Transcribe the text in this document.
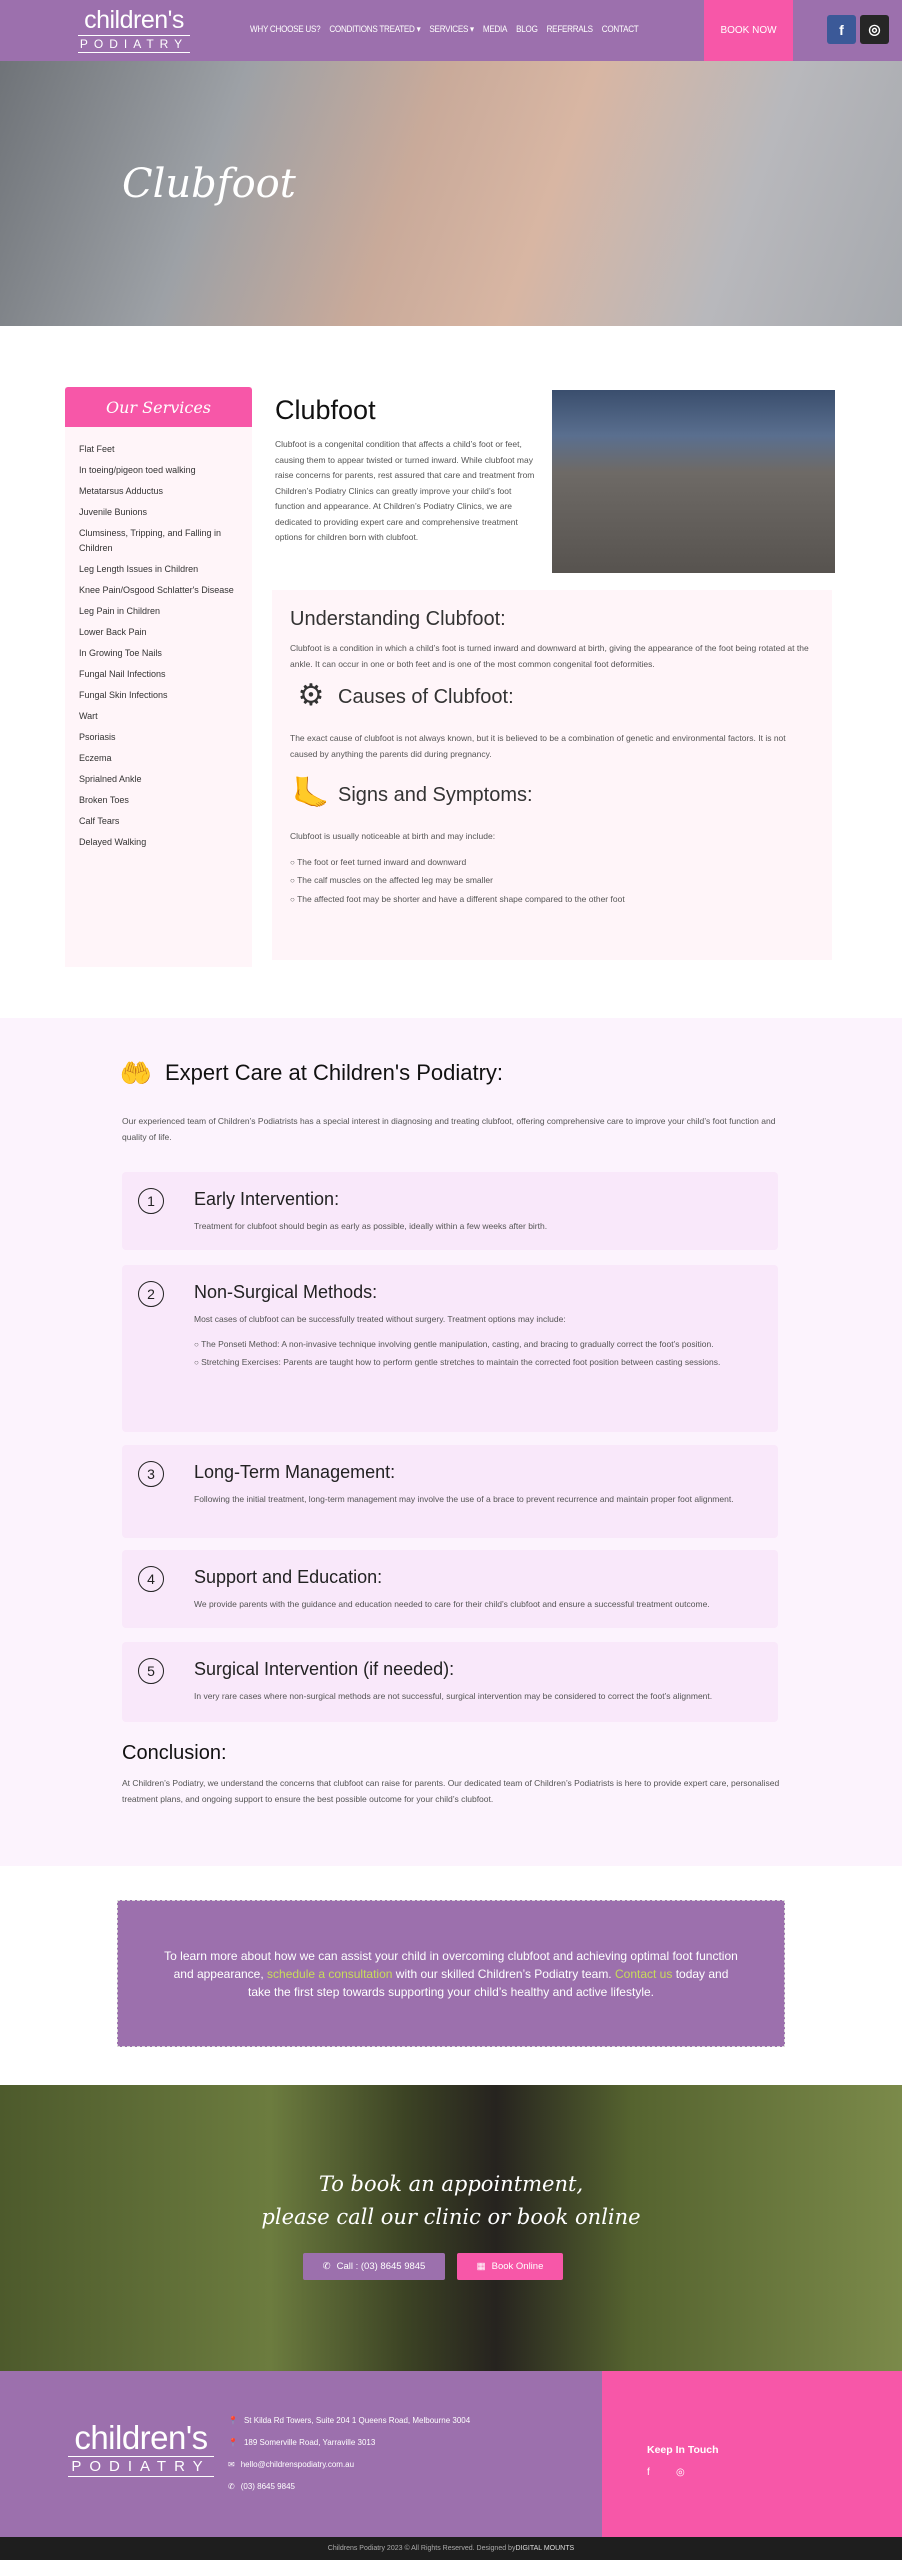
children's
PODIATRY
WHY CHOOSE US? CONDITIONS TREATED ▾ SERVICES ▾ MEDIA BLOG REFERRALS CONTACT	BOOK NOW	f	◎
Clubfoot
Our Services
Flat Feet
In toeing/pigeon toed walking
Metatarsus Adductus
Juvenile Bunions
Clumsiness, Tripping, and Falling in Children
Leg Length Issues in Children
Knee Pain/Osgood Schlatter's Disease
Leg Pain in Children
Lower Back Pain
In Growing Toe Nails
Fungal Nail Infections
Fungal Skin Infections
Wart
Psoriasis
Eczema
Sprialned Ankle
Broken Toes
Calf Tears
Delayed Walking
Clubfoot

Clubfoot is a congenital condition that affects a child’s foot or feet, causing them to appear twisted or turned inward. While clubfoot may raise concerns for parents, rest assured that care and treatment from Children’s Podiatry Clinics can greatly improve your child’s foot function and appearance. At Children’s Podiatry Clinics, we are dedicated to providing expert care and comprehensive treatment options for children born with clubfoot.

Understanding Clubfoot:

Clubfoot is a condition in which a child’s foot is turned inward and downward at birth, giving the appearance of the foot being rotated at the ankle. It can occur in one or both feet and is one of the most common congenital foot deformities.

⚙ Causes of Clubfoot:

The exact cause of clubfoot is not always known, but it is believed to be a combination of genetic and environmental factors. It is not caused by anything the parents did during pregnancy.

🦶 Signs and Symptoms:

Clubfoot is usually noticeable at birth and may include:

○ The foot or feet turned inward and downward
○ The calf muscles on the affected leg may be smaller
○ The affected foot may be shorter and have a different shape compared to the other foot
🤲 Expert Care at Children's Podiatry:

Our experienced team of Children’s Podiatrists has a special interest in diagnosing and treating clubfoot, offering comprehensive care to improve your child’s foot function and quality of life.

1	Early Intervention:

Treatment for clubfoot should begin as early as possible, ideally within a few weeks after birth.

2	Non-Surgical Methods:

Most cases of clubfoot can be successfully treated without surgery. Treatment options may include:

○ The Ponseti Method: A non-invasive technique involving gentle manipulation, casting, and bracing to gradually correct the foot’s position.
○ Stretching Exercises: Parents are taught how to perform gentle stretches to maintain the corrected foot position between casting sessions.
3	Long-Term Management:

Following the initial treatment, long-term management may involve the use of a brace to prevent recurrence and maintain proper foot alignment.

4	Support and Education:

We provide parents with the guidance and education needed to care for their child’s clubfoot and ensure a successful treatment outcome.

5	Surgical Intervention (if needed):

In very rare cases where non-surgical methods are not successful, surgical intervention may be considered to correct the foot’s alignment.

Conclusion:

At Children’s Podiatry, we understand the concerns that clubfoot can raise for parents. Our dedicated team of Children’s Podiatrists is here to provide expert care, personalised treatment plans, and ongoing support to ensure the best possible outcome for your child’s clubfoot.

To learn more about how we can assist your child in overcoming clubfoot and achieving optimal foot function and appearance, schedule a consultation with our skilled Children’s Podiatry team. Contact us today and take the first step towards supporting your child’s healthy and active lifestyle.

To book an appointment,
please call our clinic or book online
✆ Call : (03) 8645 9845	▦ Book Online
children's
PODIATRY
📍 St Kilda Rd Towers, Suite 204 1 Queens Road, Melbourne 3004
📍 189 Somerville Road, Yarraville 3013
✉ hello@childrenspodiatry.com.au
✆ (03) 8645 9845
Keep In Touch
f	◎
Childrens Podiatry 2023 © All Rights Reserved. Designed by DIGITAL MOUNTS
